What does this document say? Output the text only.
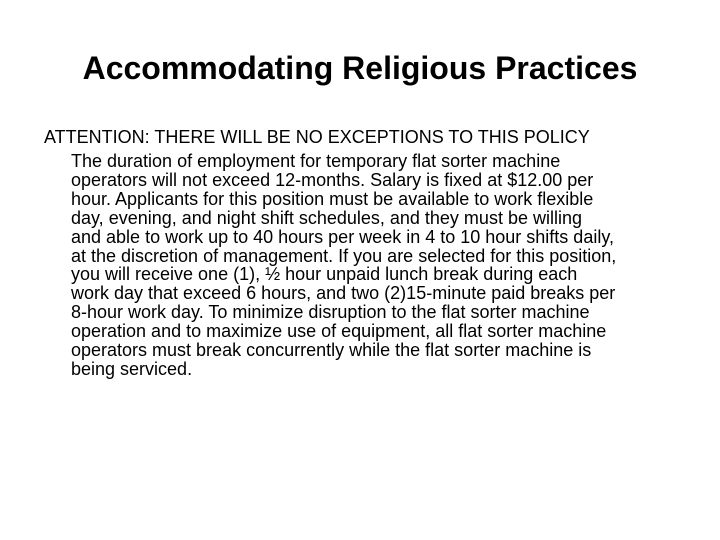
Accommodating Religious Practices

ATTENTION: THERE WILL BE NO EXCEPTIONS TO THIS POLICY

The duration of employment for temporary flat sorter machine
operators will not exceed 12-months. Salary is fixed at $12.00 per
hour. Applicants for this position must be available to work flexible
day, evening, and night shift schedules, and they must be willing
and able to work up to 40 hours per week in 4 to 10 hour shifts daily,
at the discretion of management. If you are selected for this position,
you will receive one (1), ½ hour unpaid lunch break during each
work day that exceed 6 hours, and two (2)15-minute paid breaks per
8-hour work day. To minimize disruption to the flat sorter machine
operation and to maximize use of equipment, all flat sorter machine
operators must break concurrently while the flat sorter machine is
being serviced.
